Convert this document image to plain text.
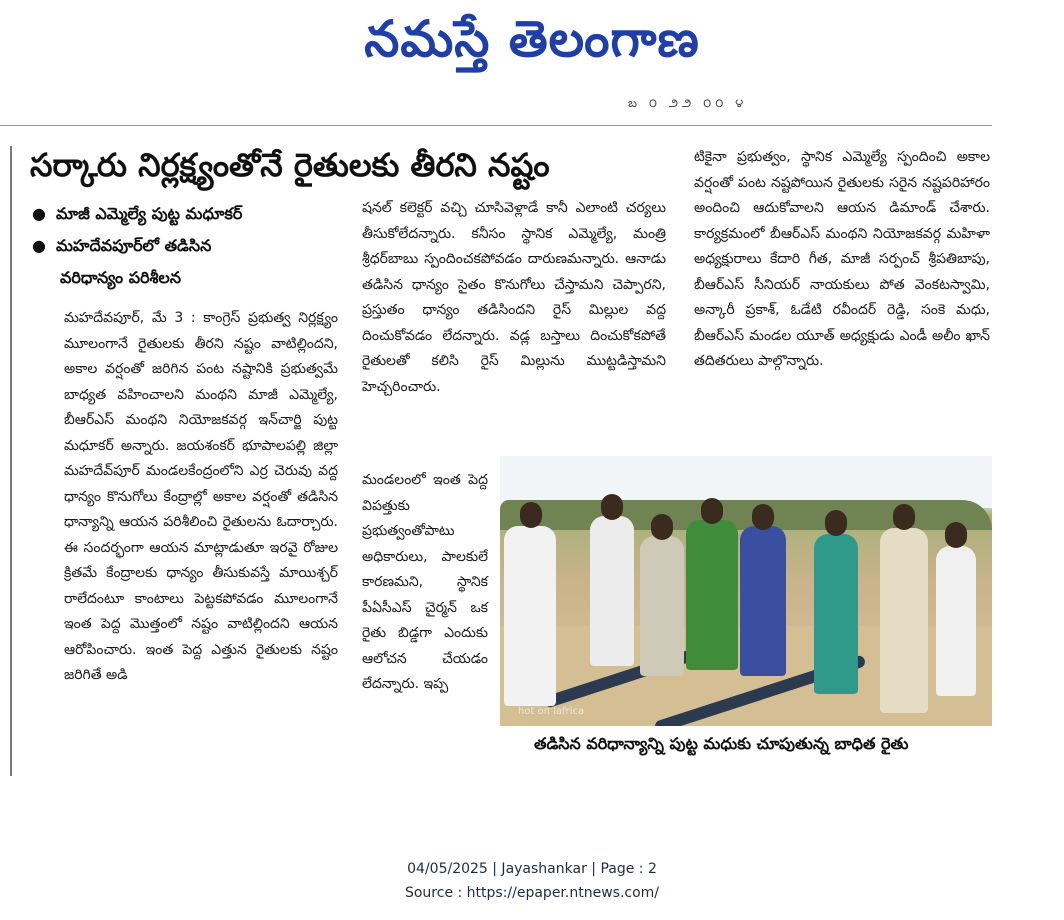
నమస్తే తెలంగాణ
బ ౦ ౨౨ ౦౦ ౪
సర్కారు నిర్లక్ష్యంతోనే రైతులకు తీరని నష్టం
● మాజీ ఎమ్మెల్యే పుట్ట మధూకర్
● మహదేవపూర్‌లో తడిసిన
వరిధాన్యం పరిశీలన

మహదేవపూర్, మే 3 : కాంగ్రెస్ ప్రభుత్వ నిర్లక్ష్యం మూలంగానే రైతులకు తీరని నష్టం వాటిల్లిందని, అకాల వర్షంతో జరిగిన పంట నష్టానికి ప్రభుత్వమే బాధ్యత వహించాలని మంథని మాజీ ఎమ్మెల్యే, బీఆర్‌ఎస్ మంథని నియోజకవర్గ ఇన్‌చార్జి పుట్ట మధూకర్ అన్నారు. జయశంకర్ భూపాలపల్లి జిల్లా మహదేవ్‌పూర్ మండలకేంద్రంలోని ఎర్ర చెరువు వద్ద ధాన్యం కొనుగోలు కేంద్రాల్లో అకాల వర్షంతో తడిసిన ధాన్యాన్ని ఆయన పరిశీలించి రైతులను ఓదార్చారు. ఈ సందర్భంగా ఆయన మాట్లాడుతూ ఇరవై రోజుల క్రితమే కేంద్రాలకు ధాన్యం తీసుకువస్తే మాయిశ్చర్ రాలేదంటూ కాంటాలు పెట్టకపోవడం మూలంగానే ఇంత పెద్ద మొత్తంలో నష్టం వాటిల్లిందని ఆయన ఆరోపించారు. ఇంత పెద్ద ఎత్తున రైతులకు నష్టం జరిగితే అడి

షనల్ కలెక్టర్ వచ్చి చూసివెళ్లాడే కానీ ఎలాంటి చర్యలు తీసుకోలేదన్నారు. కనీసం స్థానిక ఎమ్మెల్యే, మంత్రి శ్రీధర్‌బాబు స్పందించకపోవడం దారుణమన్నారు. ఆనాడు తడిసిన ధాన్యం సైతం కొనుగోలు చేస్తామని చెప్పారని, ప్రస్తుతం ధాన్యం తడిసిందని రైస్ మిల్లుల వద్ద దించుకోవడం లేదన్నారు. వడ్ల బస్తాలు దించుకోకపోతే రైతులతో కలిసి రైస్ మిల్లును ముట్టడిస్తామని హెచ్చరించారు.

మండలంలో ఇంత పెద్ద విపత్తుకు ప్రభుత్వంతోపాటు అధికారులు, పాలకులే కారణమని, స్థానిక పీఏసీఎస్ చైర్మన్ ఒక రైతు బిడ్డగా ఎందుకు ఆలోచన చేయడం లేదన్నారు. ఇప్ప

టికైనా ప్రభుత్వం, స్థానిక ఎమ్మెల్యే స్పందించి అకాల వర్షంతో పంట నష్టపోయిన రైతులకు సరైన నష్టపరిహారం అందించి ఆదుకోవాలని ఆయన డిమాండ్ చేశారు. కార్యక్రమంలో బీఆర్‌ఎస్ మంథని నియోజకవర్గ మహిళా అధ్యక్షురాలు కేదారి గీత, మాజీ సర్పంచ్ శ్రీపతిబాపు, బీఆర్‌ఎస్ సీనియర్ నాయకులు పోత వెంకటస్వామి, అన్కారీ ప్రకాశ్, ఓడేటి రవీందర్ రెడ్డి, సంకె మధు, బీఆర్‌ఎస్ మండల యూత్ అధ్యక్షుడు ఎండీ అలీం ఖాన్ తదితరులు పాల్గొన్నారు.

hot on lafrica
తడిసిన వరిధాన్యాన్ని పుట్ట మధుకు చూపుతున్న బాధిత రైతు
04/05/2025 | Jayashankar | Page : 2
Source : https://epaper.ntnews.com/
